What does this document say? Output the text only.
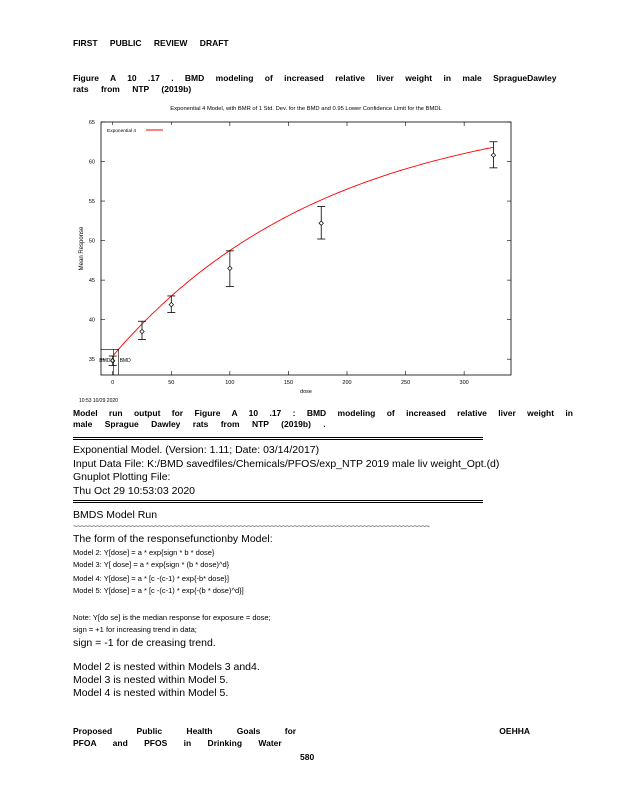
FIRST PUBLIC REVIEW DRAFT
Figure A 10 .17 . BMD modeling of increased relative liver weight in male Sprague Dawley
rats from NTP (2019b)
Exponential 4 Model, with BMR of 1 Std. Dev. for the BMD and 0.95 Lower Confidence Limit for the BMDL
35
40
45
50
55
60
65
0	50	100	150	200	250	300
dose
Mean Response
BMDL BMD
Exponential 4
10:53 10/29 2020
Model run output for Figure A 10 .17 : BMD modeling of increased relative liver weight in
male Sprague Dawley rats from NTP (2019b) .
Exponential Model. (Version: 1.11; Date: 03/14/2017)
Input Data File: K:/BMD savedfiles/Chemicals/PFOS/exp_NTP 2019 male liv weight_Opt.(d)
Gnuplot Plotting File:
Thu Oct 29 10:53:03 2020
BMDS Model Run
~~~~~~~~~~~~~~~~~~~~~~~~~~~~~~~~~~~~~~~~~~~~~~~~~~~~~~~~~~~~~~~~~~~~~~~~~~~~~~~~~~~~~~~~~~~~
The form of the responsefunctionby Model:
Model 2: Y[dose] = a * exp{sign * b * dose}
Model 3: Y[ dose] = a * exp{sign * (b * dose)^d}
Model 4: Y[dose] = a * [c -(c-1) * exp{-b* dose}]
Model 5: Y[dose] = a * [c -(c-1) * exp{-(b * dose)^d}]
Note: Y[do se] is the median response for exposure = dose;
sign = +1 for increasing trend in data;
sign = -1 for de creasing trend.
Model 2 is nested within Models 3 and4.
Model 3 is nested within Model 5.
Model 4 is nested within Model 5.
Proposed Public Health Goals for	OEHHA
PFOA and PFOS in Drinking Water
580
